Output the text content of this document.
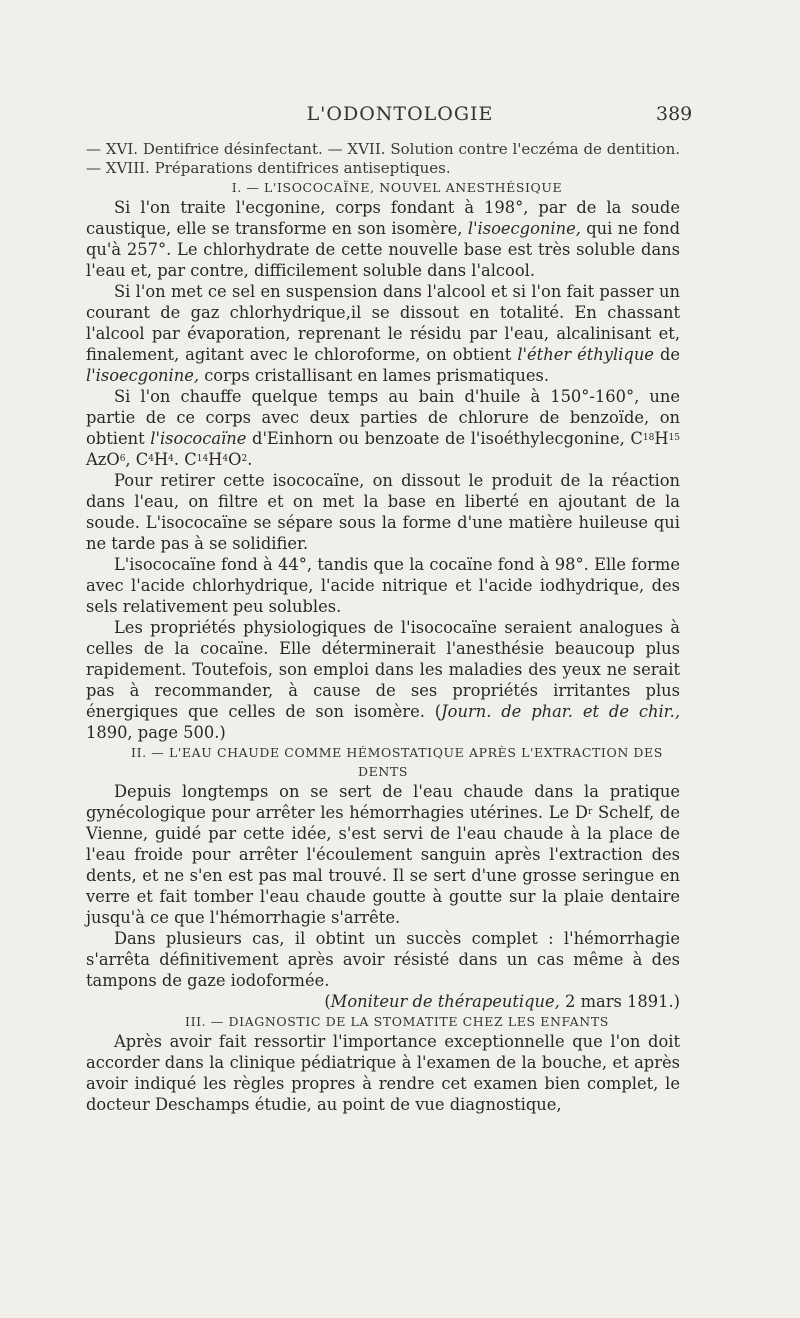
L'ODONTOLOGIE	389

— XVI. Dentifrice désinfectant. — XVII. Solution contre l'eczéma de dentition. — XVIII. Préparations dentifrices antiseptiques.

I. — L'ISOCOCAÏNE, NOUVEL ANESTHÉSIQUE

Si l'on traite l'ecgonine, corps fondant à 198°, par de la soude caustique, elle se transforme en son isomère, l'isoecgonine, qui ne fond qu'à 257°. Le chlorhydrate de cette nouvelle base est très soluble dans l'eau et, par contre, difficilement soluble dans l'alcool.

Si l'on met ce sel en suspension dans l'alcool et si l'on fait passer un courant de gaz chlorhydrique,il se dissout en totalité. En chassant l'alcool par évaporation, reprenant le résidu par l'eau, alcalinisant et, finalement, agitant avec le chloroforme, on obtient l'éther éthylique de l'isoecgonine, corps cristallisant en lames prismatiques.

Si l'on chauffe quelque temps au bain d'huile à 150°-160°, une partie de ce corps avec deux parties de chlorure de benzoïde, on obtient l'isococaïne d'Einhorn ou benzoate de l'isoéthylecgonine, $C^{18}H^{15}$ AzO$^6$, $C^4H^4$. $C^{14}H^4O^2$.

Pour retirer cette isococaïne, on dissout le produit de la réaction dans l'eau, on filtre et on met la base en liberté en ajoutant de la soude. L'isococaïne se sépare sous la forme d'une matière huileuse qui ne tarde pas à se solidifier.

L'isococaïne fond à 44°, tandis que la cocaïne fond à 98°. Elle forme avec l'acide chlorhydrique, l'acide nitrique et l'acide iodhydrique, des sels relativement peu solubles.

Les propriétés physiologiques de l'isococaïne seraient analogues à celles de la cocaïne. Elle déterminerait l'anesthésie beaucoup plus rapidement. Toutefois, son emploi dans les maladies des yeux ne serait pas à recommander, à cause de ses propriétés irritantes plus énergiques que celles de son isomère. (Journ. de phar. et de chir., 1890, page 500.)

II. — L'EAU CHAUDE COMME HÉMOSTATIQUE APRÈS L'EXTRACTION DES DENTS

Depuis longtemps on se sert de l'eau chaude dans la pratique gynécologique pour arrêter les hémorrhagies utérines. Le $D^r$ Schelf, de Vienne, guidé par cette idée, s'est servi de l'eau chaude à la place de l'eau froide pour arrêter l'écoulement sanguin après l'extraction des dents, et ne s'en est pas mal trouvé. Il se sert d'une grosse seringue en verre et fait tomber l'eau chaude goutte à goutte sur la plaie dentaire jusqu'à ce que l'hémorrhagie s'arrête.

Dans plusieurs cas, il obtint un succès complet : l'hémorrhagie s'arrêta définitivement après avoir résisté dans un cas même à des tampons de gaze iodoformée.

(Moniteur de thérapeutique, 2 mars 1891.)

III. — DIAGNOSTIC DE LA STOMATITE CHEZ LES ENFANTS

Après avoir fait ressortir l'importance exceptionnelle que l'on doit accorder dans la clinique pédiatrique à l'examen de la bouche, et après avoir indiqué les règles propres à rendre cet examen bien complet, le docteur Deschamps étudie, au point de vue diagnostique,
